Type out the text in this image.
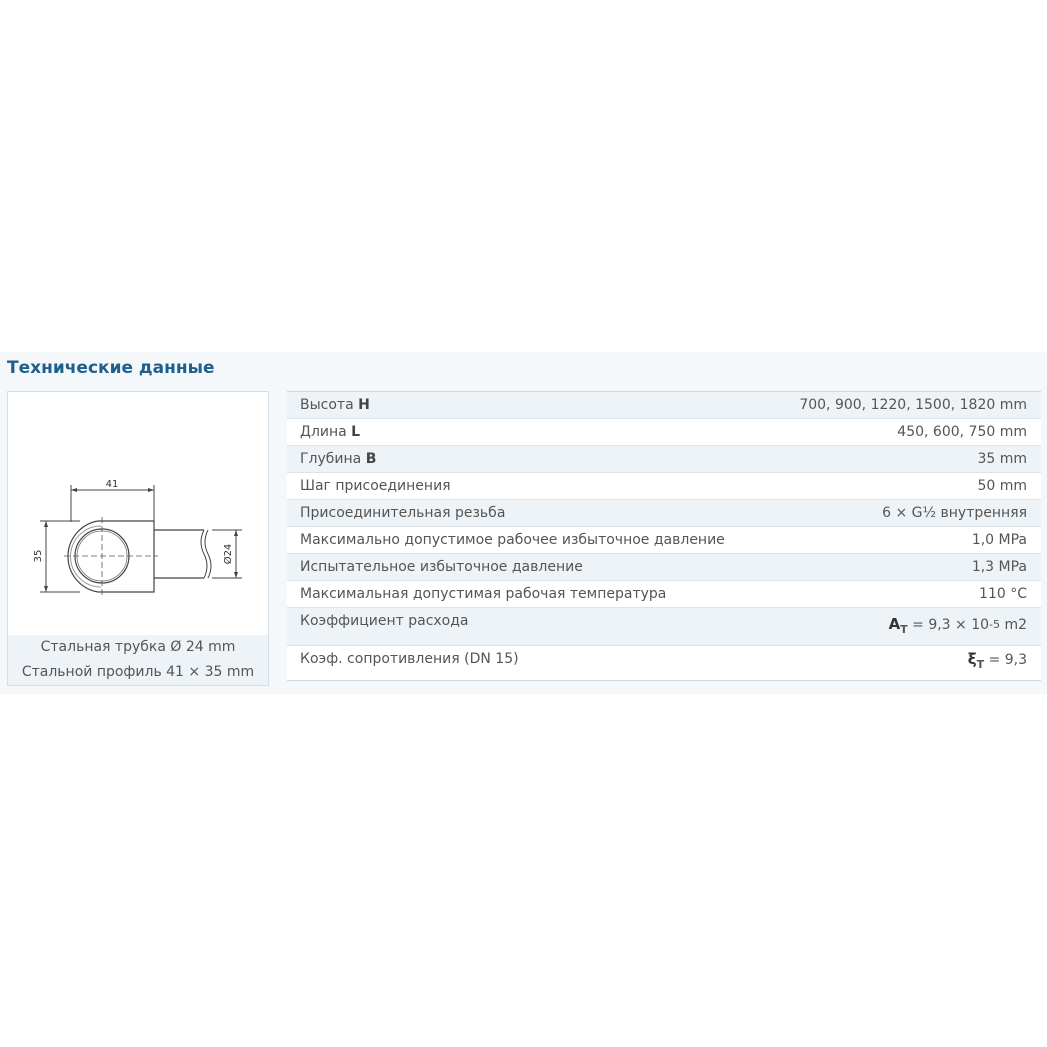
Технические данные
41
35	Ø24
Стальная трубка Ø 24 mm
Стальной профиль 41 × 35 mm
Высота H	700, 900, 1220, 1500, 1820 mm
Длина L	450, 600, 750 mm
Глубина B	35 mm
Шаг присоединения	50 mm
Присоединительная резьба	6 × G½ внутренняя
Максимально допустимое рабочее избыточное давление	1,0 MPa
Испытательное избыточное давление	1,3 MPa
Максимальная допустимая рабочая температура	110 °C
Коэффициент расхода	$A_T = 9,3 \times 10-5$ m2
Коэф. сопротивления (DN 15)	$\xi_T = 9,3$
